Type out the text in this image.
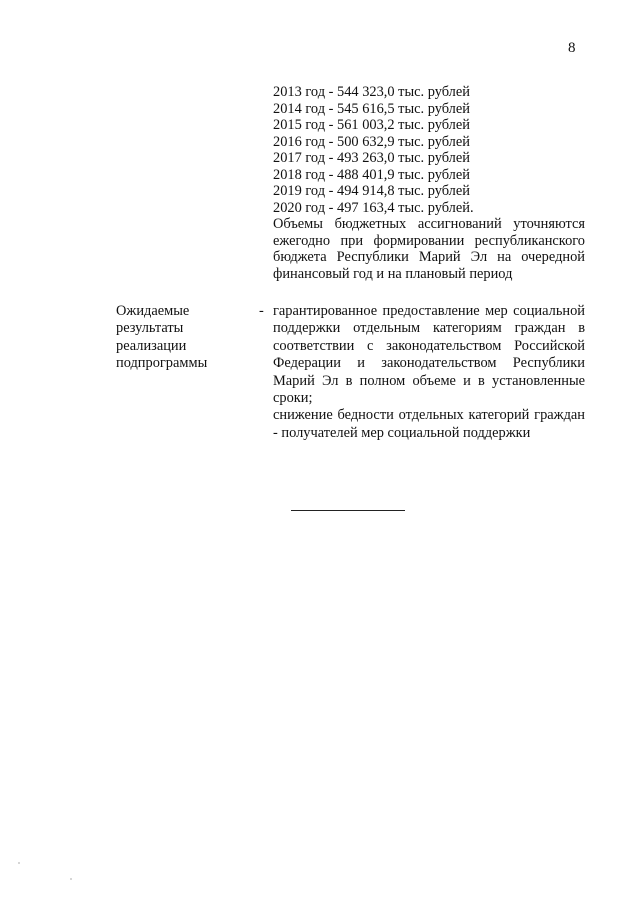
8
2013 год - 544 323,0 тыс. рублей
2014 год - 545 616,5 тыс. рублей
2015 год - 561 003,2 тыс. рублей
2016 год - 500 632,9 тыс. рублей
2017 год - 493 263,0 тыс. рублей
2018 год - 488 401,9 тыс. рублей
2019 год - 494 914,8 тыс. рублей
2020 год - 497 163,4 тыс. рублей.

Объемы бюджетных ассигнований уточняются ежегодно при формировании республиканского бюджета Республики Марий Эл на очередной финансовый год и на плановый период

Ожидаемые
результаты
реализации
подпрограммы
- гарантированное предоставление мер социальной поддержки отдельным категориям граждан в соответствии с законодательством Российской Федерации и законодательством Республики Марий Эл в полном объеме и в установленные сроки;

снижение бедности отдельных категорий граждан - получателей мер социальной поддержки
